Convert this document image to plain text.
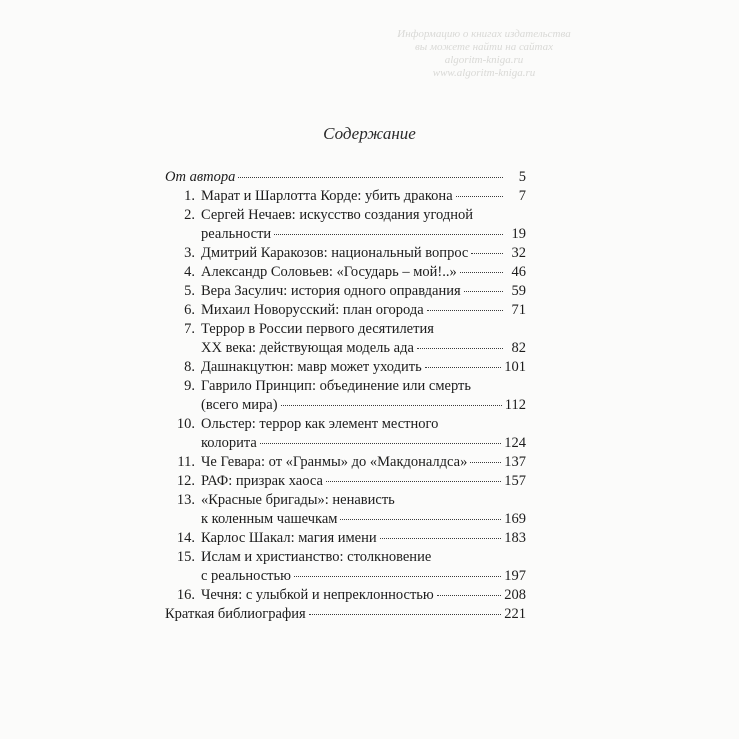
Информацию о книгах издательства
вы можете найти на сайтах
algoritm-kniga.ru
www.algoritm-kniga.ru
Содержание
От автора	5
1. Марат и Шарлотта Корде: убить дракона	7
2. Сергей Нечаев: искусство создания угодной
реальности	19
3. Дмитрий Каракозов: национальный вопрос	32
4. Александр Соловьев: «Государь – мой!..»	46
5. Вера Засулич: история одного оправдания	59
6. Михаил Новорусский: план огорода	71
7. Террор в России первого десятилетия
XX века: действующая модель ада	82
8. Дашнакцутюн: мавр может уходить	101
9. Гаврило Принцип: объединение или смерть
(всего мира)	112
10. Ольстер: террор как элемент местного
колорита	124
11. Че Гевара: от «Гранмы» до «Макдоналдса»	137
12. РАФ: призрак хаоса	157
13. «Красные бригады»: ненависть
к коленным чашечкам	169
14. Карлос Шакал: магия имени	183
15. Ислам и христианство: столкновение
с реальностью	197
16. Чечня: с улыбкой и непреклонностью	208
Краткая библиография	221
